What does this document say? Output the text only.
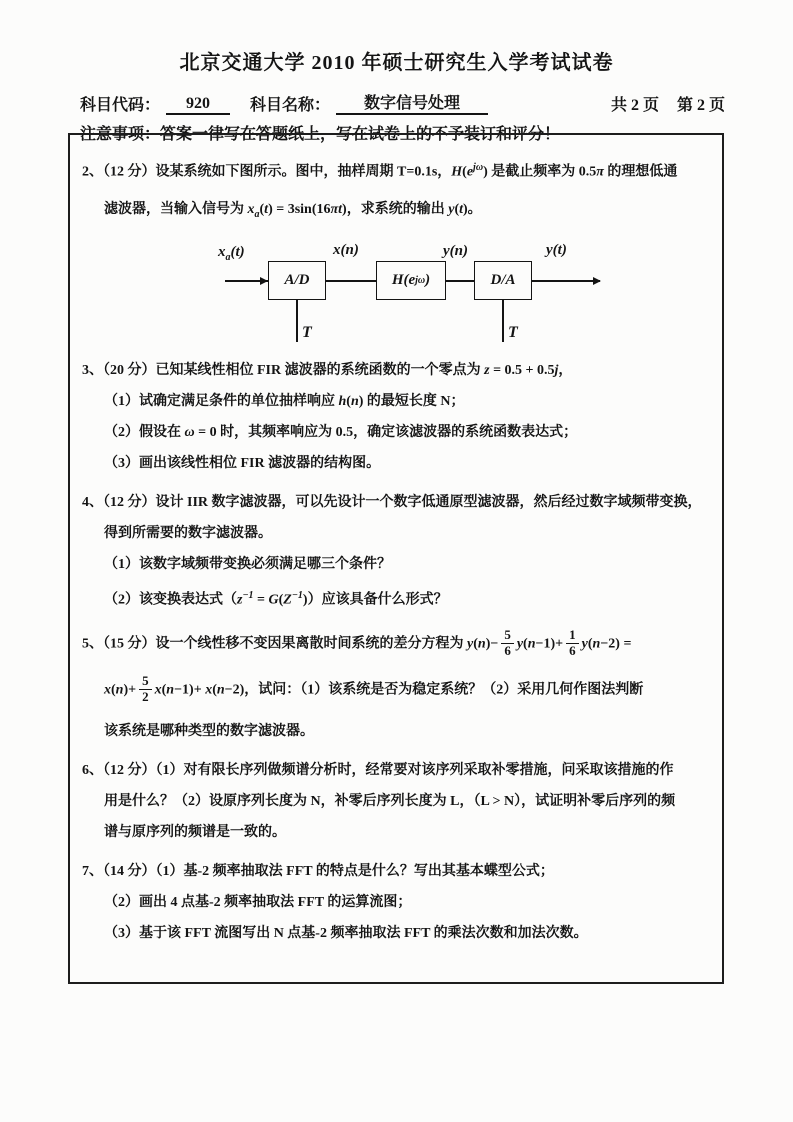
北京交通大学 2010 年硕士研究生入学考试试卷
科目代码：	920	科目名称：	数字信号处理	共 2 页 第 2 页
注意事项：答案一律写在答题纸上，写在试卷上的不予装订和评分！
2、（12 分）设某系统如下图所示。图中，抽样周期 T=0.1s，$H(e^{j\omega})$ 是截止频率为 0.5π 的理想低通
滤波器，当输入信号为 $x_a(t) = 3\sin(16\pi t)$，求系统的输出 y(t)。
$x_a(t)$	x(n)	y(n)	y(t)
A/D	H(e jω )	D/A
T	T
3、（20 分）已知某线性相位 FIR 滤波器的系统函数的一个零点为 z = 0.5 + 0.5j，
（1）试确定满足条件的单位抽样响应 h(n) 的最短长度 N；
（2）假设在 ω = 0 时，其频率响应为 0.5，确定该滤波器的系统函数表达式；
（3）画出该线性相位 FIR 滤波器的结构图。
4、（12 分）设计 IIR 数字滤波器，可以先设计一个数字低通原型滤波器，然后经过数字域频带变换，
得到所需要的数字滤波器。
（1）该数字域频带变换必须满足哪三个条件？
（2）该变换表达式$(z^{-1} = G(Z^{-1}))$应该具备什么形式？
5、（15 分）设一个线性移不变因果离散时间系统的差分方程为 $y(n)- \frac{5}{6} y(n-1)+ \frac{1}{6} y(n-2)$ =
$x(n)+ \frac{5}{2} x(n-1)+ x(n-2)$，试问：（1）该系统是否为稳定系统？（2）采用几何作图法判断
该系统是哪种类型的数字滤波器。
6、（12 分）（1）对有限长序列做频谱分析时，经常要对该序列采取补零措施，问采取该措施的作
用是什么？（2）设原序列长度为 N，补零后序列长度为 L，（L > N），试证明补零后序列的频
谱与原序列的频谱是一致的。
7、（14 分）（1）基-2 频率抽取法 FFT 的特点是什么？写出其基本蝶型公式；
（2）画出 4 点基-2 频率抽取法 FFT 的运算流图；
（3）基于该 FFT 流图写出 N 点基-2 频率抽取法 FFT 的乘法次数和加法次数。
